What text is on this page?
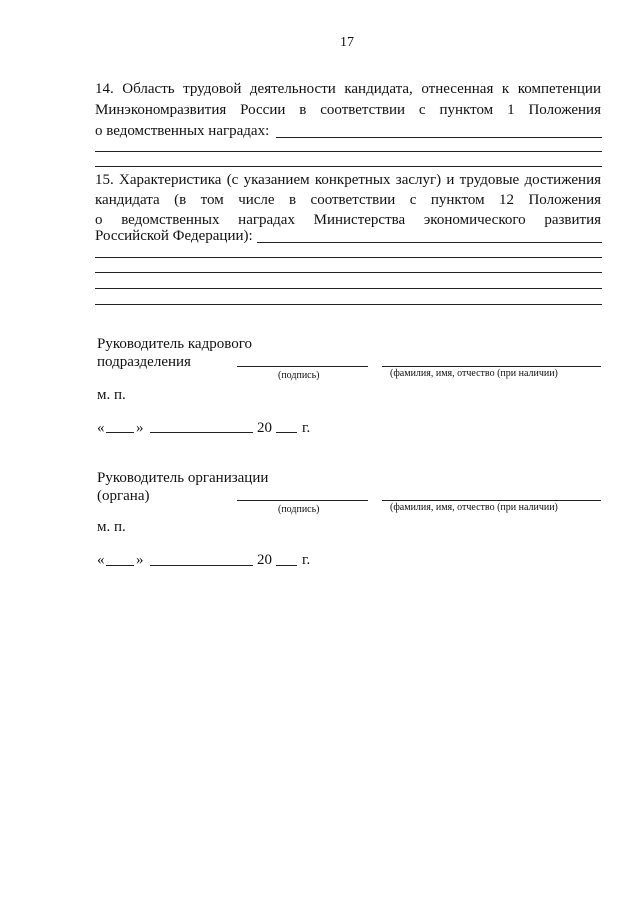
17
14. Область трудовой деятельности кандидата, отнесенная к компетенции
Минэкономразвития России в соответствии с пунктом 1 Положения
о ведомственных наградах:
15. Характеристика (с указанием конкретных заслуг) и трудовые достижения
кандидата (в том числе в соответствии с пунктом 12 Положения
о ведомственных наградах Министерства экономического развития
Российской Федерации):
Руководитель кадрового
подразделения
(подпись)	(фамилия, имя, отчество (при наличии)
м. п.
« »	20 г.
Руководитель организации
(органа)
(подпись)	(фамилия, имя, отчество (при наличии)
м. п.
« »	20 г.
